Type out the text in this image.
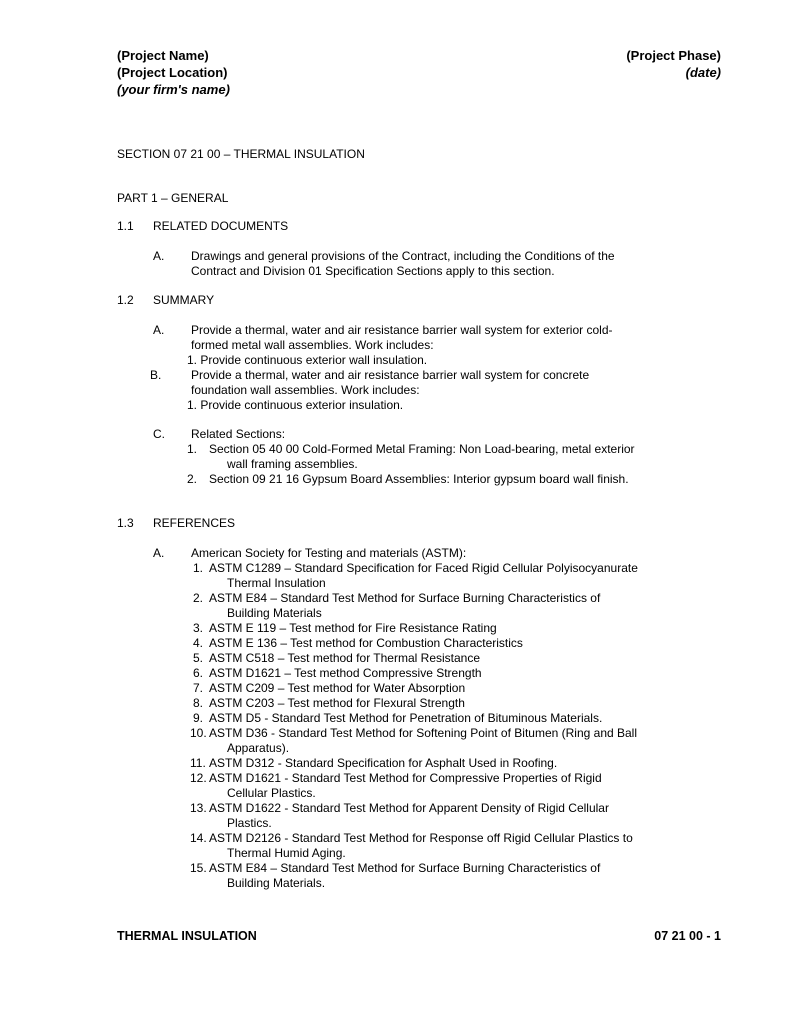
(Project Name)
(Project Location)
(your firm's name)
(Project Phase)
(date)
SECTION 07 21 00 – THERMAL INSULATION
PART 1 – GENERAL
1.1 RELATED DOCUMENTS
A. Drawings and general provisions of the Contract, including the Conditions of the
Contract and Division 01 Specification Sections apply to this section.
1.2 SUMMARY
A. Provide a thermal, water and air resistance barrier wall system for exterior cold-
formed metal wall assemblies. Work includes:
1. Provide continuous exterior wall insulation.
B. Provide a thermal, water and air resistance barrier wall system for concrete
foundation wall assemblies. Work includes:
1. Provide continuous exterior insulation.
C. Related Sections:
1. Section 05 40 00 Cold-Formed Metal Framing: Non Load-bearing, metal exterior
wall framing assemblies.
2. Section 09 21 16 Gypsum Board Assemblies: Interior gypsum board wall finish.
1.3 REFERENCES
A. American Society for Testing and materials (ASTM):
1. ASTM C1289 – Standard Specification for Faced Rigid Cellular Polyisocyanurate
Thermal Insulation
2. ASTM E84 – Standard Test Method for Surface Burning Characteristics of
Building Materials
3. ASTM E 119 – Test method for Fire Resistance Rating
4. ASTM E 136 – Test method for Combustion Characteristics
5. ASTM C518 – Test method for Thermal Resistance
6. ASTM D1621 – Test method Compressive Strength
7. ASTM C209 – Test method for Water Absorption
8. ASTM C203 – Test method for Flexural Strength
9. ASTM D5 - Standard Test Method for Penetration of Bituminous Materials.
10. ASTM D36 - Standard Test Method for Softening Point of Bitumen (Ring and Ball
Apparatus).
11. ASTM D312 - Standard Specification for Asphalt Used in Roofing.
12. ASTM D1621 - Standard Test Method for Compressive Properties of Rigid
Cellular Plastics.
13. ASTM D1622 - Standard Test Method for Apparent Density of Rigid Cellular
Plastics.
14. ASTM D2126 - Standard Test Method for Response off Rigid Cellular Plastics to
Thermal Humid Aging.
15. ASTM E84 – Standard Test Method for Surface Burning Characteristics of
Building Materials.
THERMAL INSULATION	07 21 00 - 1
